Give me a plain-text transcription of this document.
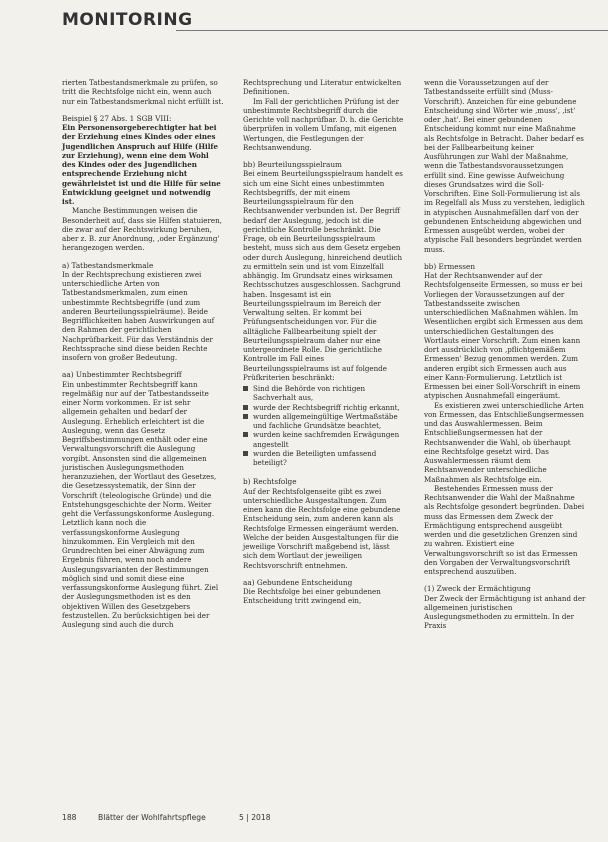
MONITORING

rierten Tatbestandsmerkmale zu prüfen, so tritt die Rechtsfolge nicht ein, wenn auch nur ein Tatbestandsmerkmal nicht erfüllt ist.

Beispiel § 27 Abs. 1 SGB VIII:

Ein Personensorgeberechtigter hat bei der Erziehung eines Kindes oder eines Jugendlichen Anspruch auf Hilfe (Hilfe zur Erziehung), wenn eine dem Wohl des Kindes oder des Jugendlichen entsprechende Erziehung nicht gewährleistet ist und die Hilfe für seine Entwicklung geeignet und notwendig ist.

Manche Bestimmungen weisen die Besonderheit auf, dass sie Hilfen statuieren, die zwar auf der Rechtswirkung beruhen, aber z. B. zur Anordnung, ‚oder Ergänzung' herangezogen werden.

a) Tatbestandsmerkmale

In der Rechtsprechung existieren zwei unterschiedliche Arten von Tatbestandsmerkmalen, zum einen unbestimmte Rechtsbegriffe (und zum anderen Beurteilungsspielräume). Beide Begrifflichkeiten haben Auswirkungen auf den Rahmen der gerichtlichen Nachprüfbarkeit. Für das Verständnis der Rechtssprache sind diese beiden Rechte insofern von großer Bedeutung.

aa) Unbestimmter Rechtsbegriff

Ein unbestimmter Rechtsbegriff kann regelmäßig nur auf der Tatbestandsseite einer Norm vorkommen. Er ist sehr allgemein gehalten und bedarf der Auslegung. Erheblich erleichtert ist die Auslegung, wenn das Gesetz Begriffsbestimmungen enthält oder eine Verwaltungsvorschrift die Auslegung vorgibt. Ansonsten sind die allgemeinen juristischen Auslegungsmethoden heranzuziehen, der Wortlaut des Gesetzes, die Gesetzessystematik, der Sinn der Vorschrift (teleologische Gründe) und die Entstehungsgeschichte der Norm. Weiter geht die Verfassungskonforme Auslegung. Letztlich kann noch die verfassungskonforme Auslegung hinzukommen. Ein Vergleich mit den Grundrechten bei einer Abwägung zum Ergebnis führen, wenn noch andere Auslegungsvarianten der Bestimmungen möglich sind und somit diese eine verfassungskonforme Auslegung führt. Ziel der Auslegungsmethoden ist es den objektiven Willen des Gesetzgebers festzustellen. Zu berücksichtigen bei der Auslegung sind auch die durch

Rechtsprechung und Literatur entwickelten Definitionen.

Im Fall der gerichtlichen Prüfung ist der unbestimmte Rechtsbegriff durch die Gerichte voll nachprüfbar. D. h. die Gerichte überprüfen in vollem Umfang, mit eigenen Wertungen, die Festlegungen der Rechtsanwendung.

bb) Beurteilungsspielraum

Bei einem Beurteilungsspielraum handelt es sich um eine Sicht eines unbestimmten Rechtsbegriffs, der mit einem Beurteilungsspielraum für den Rechtsanwender verbunden ist. Der Begriff bedarf der Auslegung, jedoch ist die gerichtliche Kontrolle beschränkt. Die Frage, ob ein Beurteilungsspielraum besteht, muss sich aus dem Gesetz ergeben oder durch Auslegung, hinreichend deutlich zu ermitteln sein und ist vom Einzelfall abhängig. Im Grundsatz eines wirksamen Rechtsschutzes ausgeschlossen. Sachgrund haben. Insgesamt ist ein Beurteilungsspielraum im Bereich der Verwaltung selten. Er kommt bei Prüfungsentscheidungen vor. Für die alltägliche Fallbearbeitung spielt der Beurteilungsspielraum daher nur eine untergeordnete Rolle. Die gerichtliche Kontrolle im Fall eines Beurteilungsspielraums ist auf folgende Prüfkriterien beschränkt:

Sind die Behörde von richtigen Sachverhalt aus,
wurde der Rechtsbegriff richtig erkannt,
wurden allgemeingültige Wertmaßstäbe und fachliche Grundsätze beachtet,
wurden keine sachfremden Erwägungen angestellt
wurden die Beteiligten umfassend beteiligt?

b) Rechtsfolge

Auf der Rechtsfolgenseite gibt es zwei unterschiedliche Ausgestaltungen. Zum einen kann die Rechtsfolge eine gebundene Entscheidung sein, zum anderen kann als Rechtsfolge Ermessen eingeräumt werden. Welche der beiden Ausgestaltungen für die jeweilige Vorschrift maßgebend ist, lässt sich dem Wortlaut der jeweiligen Rechtsvorschrift entnehmen.

aa) Gebundene Entscheidung

Die Rechtsfolge bei einer gebundenen Entscheidung tritt zwingend ein,

wenn die Voraussetzungen auf der Tatbestandsseite erfüllt sind (Muss-Vorschrift). Anzeichen für eine gebundene Entscheidung sind Wörter wie ‚muss', ‚ist' oder ‚hat'. Bei einer gebundenen Entscheidung kommt nur eine Maßnahme als Rechtsfolge in Betracht. Daher bedarf es bei der Fallbearbeitung keiner Ausführungen zur Wahl der Maßnahme, wenn die Tatbestandsvoraussetzungen erfüllt sind. Eine gewisse Aufweichung dieses Grundsatzes wird die Soll-Vorschriften. Eine Soll-Formulierung ist als im Regelfall als Muss zu verstehen, lediglich in atypischen Ausnahmefällen darf von der gebundenen Entscheidung abgewichen und Ermessen ausgeübt werden, wobei der atypische Fall besonders begründet werden muss.

bb) Ermessen

Hat der Rechtsanwender auf der Rechtsfolgenseite Ermessen, so muss er bei Vorliegen der Voraussetzungen auf der Tatbestandsseite zwischen unterschiedlichen Maßnahmen wählen. Im Wesentlichen ergibt sich Ermessen aus dem unterschiedlichen Gestaltungen des Wortlauts einer Vorschrift. Zum einen kann dort ausdrücklich von ‚pflichtgemäßem Ermessen' Bezug genommen werden. Zum anderen ergibt sich Ermessen auch aus einer Kann-Formulierung. Letztlich ist Ermessen bei einer Soll-Vorschrift in einem atypischen Ausnahmefall eingeräumt.

Es existieren zwei unterschiedliche Arten von Ermessen, das Entschließungsermessen und das Auswahlermessen. Beim Entschließungsermessen hat der Rechtsanwender die Wahl, ob überhaupt eine Rechtsfolge gesetzt wird. Das Auswahlermessen räumt dem Rechtsanwender unterschiedliche Maßnahmen als Rechtsfolge ein.

Bestehendes Ermessen muss der Rechtsanwender die Wahl der Maßnahme als Rechtsfolge gesondert begründen. Dabei muss das Ermessen dem Zweck der Ermächtigung entsprechend ausgeübt werden und die gesetzlichen Grenzen sind zu wahren. Existiert eine Verwaltungsvorschrift so ist das Ermessen den Vorgaben der Verwaltungsvorschrift entsprechend auszuüben.

(1) Zweck der Ermächtigung

Der Zweck der Ermächtigung ist anhand der allgemeinen juristischen Auslegungsmethoden zu ermitteln. In der Praxis

188	Blätter der Wohlfahrtspflege	5 | 2018
